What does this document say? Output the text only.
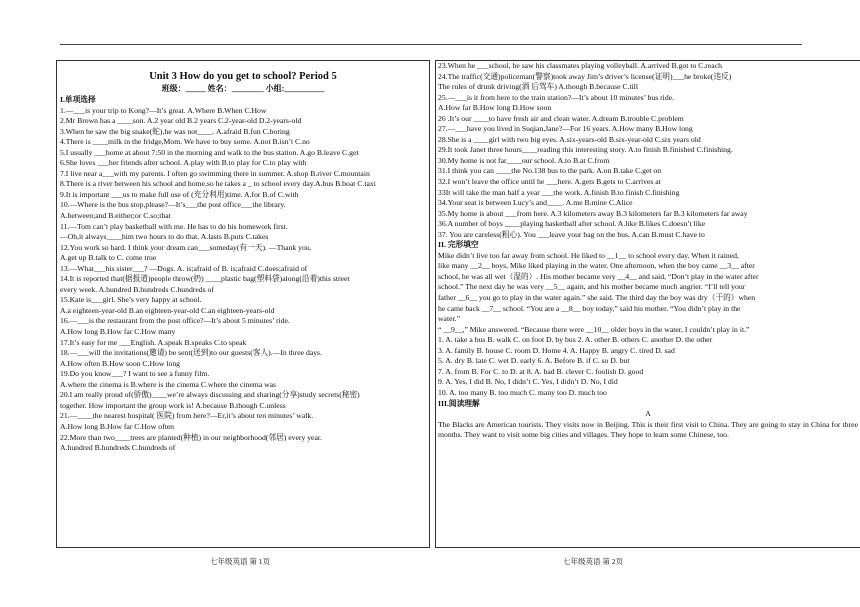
Unit 3 How do you get to school? Period 5
班级：_____ 姓名：________ 小组:__________
I.单项选择
1.—___is your trip to Kong?—It’s great. A.Where B.When C.How
2.Mr Brown has a ____son. A.2 year old B.2 years C.2-year-old D.2-years-old
3.When he saw the big snake(蛇),he was not____. A.afraid B.fun C.boring
4.There is ____milk in the fridge,Mom. We have to buy some. A.not B.isn’t C.no
5.I usually ___home at about 7:50 in the morning and walk to the bus station. A.go B.leave C.get
6.She loves ___her friends after school. A.play with B.to play for C.to play with
7.I live near a___with my parents. I often go swimming there in summer. A.shop B.river C.mountain
8.There is a river between his school and home,so he takes a _ to school every day.A.bus B.boat C.taxi
9.It is important ___us to make full use of (充分利用)time. A.for B.of C.with
10.—Where is the bus stop,please?—It’s___the post office___the library.
A.between;and B.either;or C.so;that
11.—Tom can’t play basketball with me. He has to do his homework first.
—Oh,it always____him two hours to do that. A.lasts B.puts C.takes
12.You work so hard. I think your dream can___someday(有一天). —Thank you.
A.get up B.talk to C. come true
13.—What___his sister___? —Dogs. A. is;afraid of B. is;afraid C.does;afraid of
14.It is reported that(据报道)people throw(扔) ____plastic bag(塑料袋)along(沿着)this street
every week. A.hundred B.hundreds C.hundreds of
15.Kate is___girl. She’s very happy at school.
A.a eighteen-year-old B.an eighteen-year-old C.an eighteen-years-old
16.—___is the restaurant from the post office?—It’s about 5 minutes’ ride.
A.How long B.How far C.How many
17.It’s easy for me ___English. A.speak B.speaks C.to speak
18.—___will the invitations(邀请) be sent(送到)to our guests(客人).—In three days.
A.How often B.How soon C.How long
19.Do you know___? I want to see a funny film.
A.where the cinema is B.where is the cinema C.where the cinema was
20.I am really proud of(骄傲)____we’re always discussing and sharing(分享)study secrets(秘密)
together. How important the group work is! A.because B.though C.unless
21.—____the nearest hospital( 医院) from here?—Er,it’s about ten minutes’ walk.
A.How long B.How far C.How often
22.More than two____trees are planted(种植) in our neighborhood(邻居) every year.
A.hundred B.hundreds C.hundreds of
23.When he ___school, he saw his classmates playing volleyball. A.arrived B.got to C.reach
24.The traffic(交通)policeman(警察)took away Jim’s driver’s license(证明)___he broke(违反)
The rules of drunk driving(酒 后驾车) A.though B.because C.till
25.—___is it from here to the train station?—It’s about 10 minutes’ bus ride.
A.How far B.How long D.How soon
26 .It’s our ____to have fresh air and clean water. A.dream B.trouble C.problem
27.—___have you lived in Suqian,Jane?—For 16 years. A.How many B.How long
28.She is a ____girl with two big eyes. A.six-years-old B.six-year-old C.six years old
29.It took Janet three hours____reading this interesting story. A.to finish B.finished C.finishing.
30.My home is not far____our school. A.to B.at C.from
31.I think you can ____the No.138 bus to the park. A.on B.take C.get on
32.I won’t leave the office until he ___here. A.gets B.gets to C.arrives at
33It will take the man half a year ___the work. A.finish B.to finish C.finishing
34.Your seat is between Lucy’s and____. A.me B.mine C.Alice
35.My home is about ___from here. A.3 kilometers away B.3 kilometers far B.3 kilometers far away
36.A number of boys ____playing basketball after school. A.like B.likes C.doesn’t like
37. You are careless(粗心). You ___leave your bag on the bus. A.can B.must C.have to
II. 完形填空
Mike didn’t live too far away from school. He liked to __1__ to school every day. When it rained,
like many __2__ boys, Mike liked playing in the water. One afternoon, when the boy came __3__ after
school, he was all wet（湿的）. His mother became very __4__ and said, “Don’t play in the water after
school.” The next day he was very __5__ again, and his mother became much angrier. “I’ll tell your
father __6__ you go to play in the water again.” she said. The third day the boy was dry（干的）when
he came back __7__ school. “You are a __8__ boy today,” said his mother. “You didn’t play in the
water.”
“ __9__,” Mike answered. “Because there were __10__ older boys in the water, I couldn’t play in it.”
1. A. take a bus B. walk C. on foot D. by bus 2. A. other B. others C. another D. the other
3. A. family B. house C. room D. Home 4. A. Happy B. angry C. tired D. sad
5. A. dry B. late C. wet D. early 6. A. Before B. if C. so D. but
7. A. from B. For C. to D. at 8. A. bad B. clever C. foolish D. good
9. A. Yes, I did B. No, I didn’t C. Yes, I didn’t D. No, I did
10. A. too many B. too much C. many too D. much too
III.阅读理解
A
The Blacks are American tourists. They visits now in Beijing. This is their first visit to China. They are going to stay in China for three months. They want to visit some big cities and villages. They hope to learn some Chinese, too.
七年级英语 第 1页	七年级英语 第 2页
